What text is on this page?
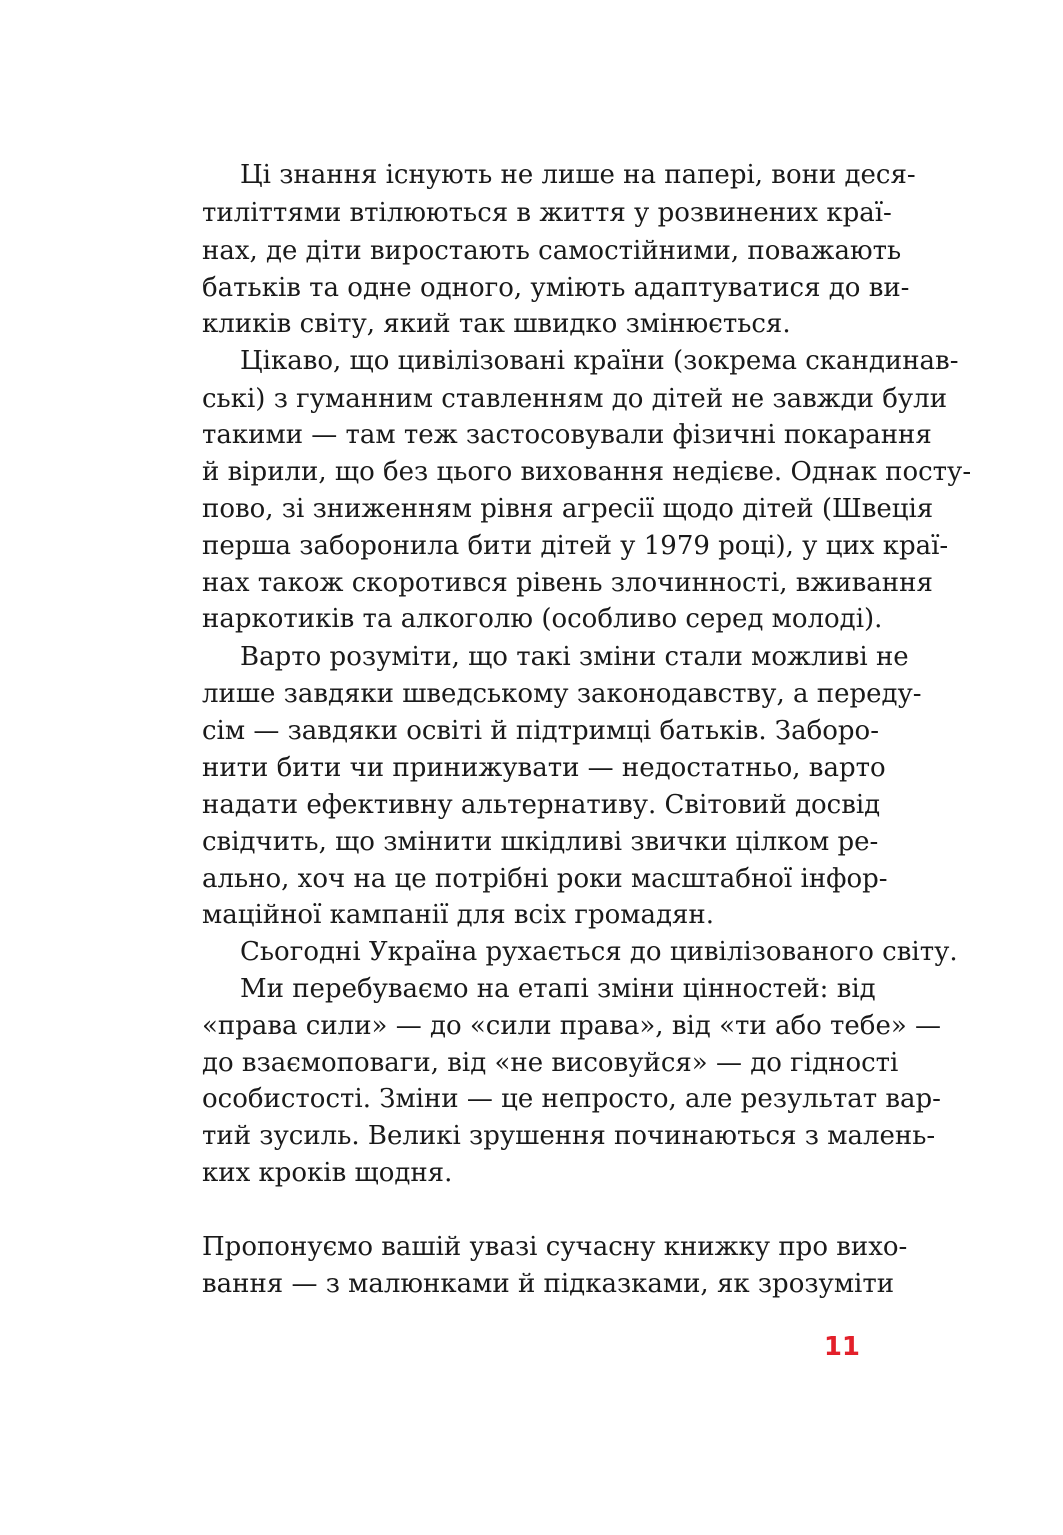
Ці знання існують не лише на папері, вони деся-
тиліттями втілюються в життя у розвинених краї-
нах, де діти виростають самостійними, поважають
батьків та одне одного, уміють адаптуватися до ви-
кликів світу, який так швидко змінюється.
Цікаво, що цивілізовані країни (зокрема скандинав-
ські) з гуманним ставленням до дітей не завжди були
такими — там теж застосовували фізичні покарання
й вірили, що без цього виховання недієве. Однак посту-
пово, зі зниженням рівня агресії щодо дітей (Швеція
перша заборонила бити дітей у 1979 році), у цих краї-
нах також скоротився рівень злочинності, вживання
наркотиків та алкоголю (особливо серед молоді).
Варто розуміти, що такі зміни стали можливі не
лише завдяки шведському законодавству, а переду-
сім — завдяки освіті й підтримці батьків. Заборо-
нити бити чи принижувати — недостатньо, варто
надати ефективну альтернативу. Світовий досвід
свідчить, що змінити шкідливі звички цілком ре-
ально, хоч на це потрібні роки масштабної інфор-
маційної кампанії для всіх громадян.
Сьогодні Україна рухається до цивілізованого світу.
Ми перебуваємо на етапі зміни цінностей: від
«права сили» — до «сили права», від «ти або тебе» —
до взаємоповаги, від «не висовуйся» — до гідності
особистості. Зміни — це непросто, але результат вар-
тий зусиль. Великі зрушення починаються з малень-
ких кроків щодня.
Пропонуємо вашій увазі сучасну книжку про вихо-
вання — з малюнками й підказками, як зрозуміти
11
